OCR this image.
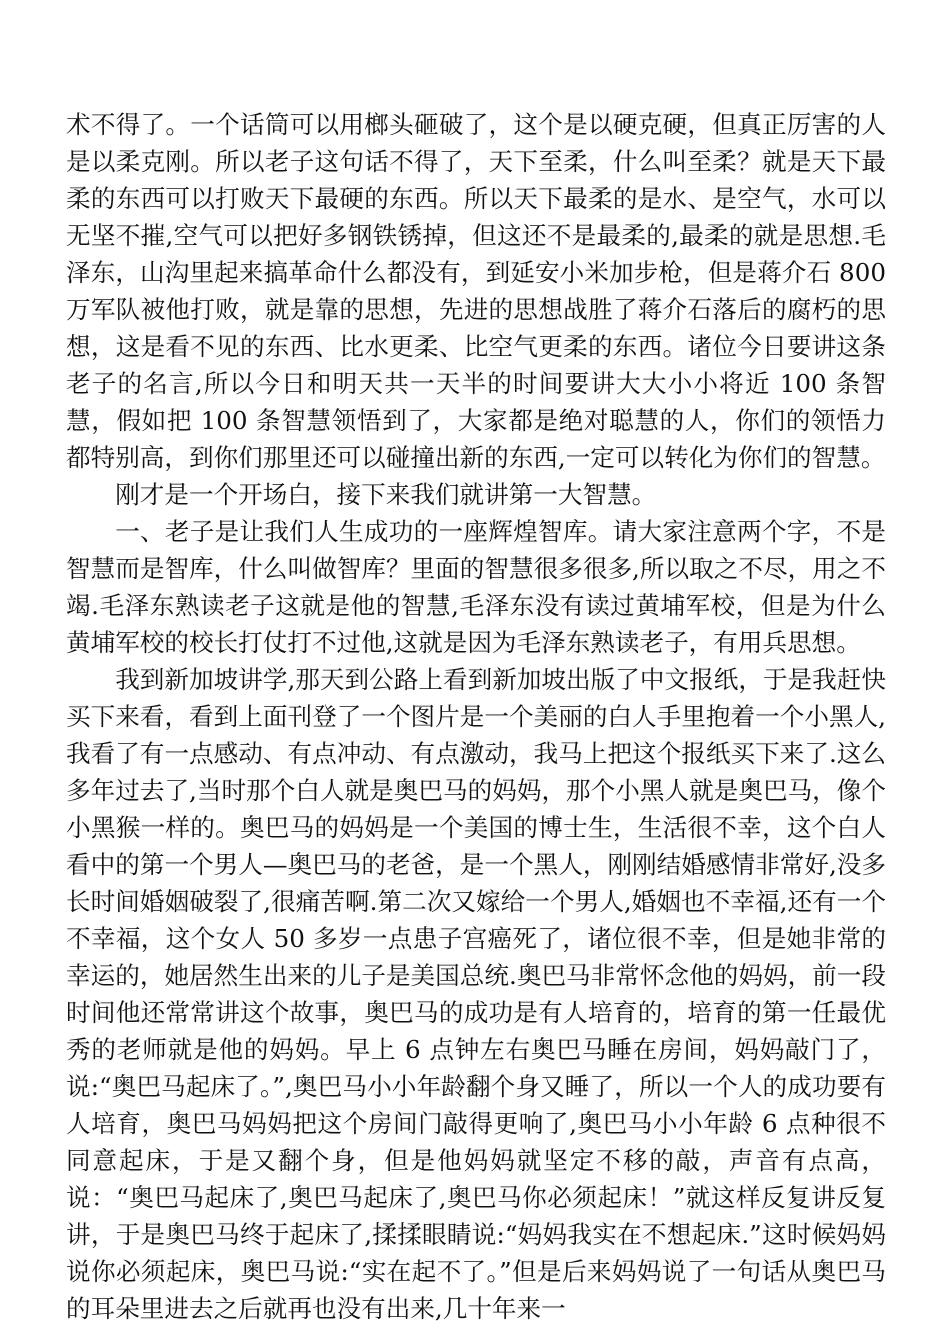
术不得了。一个话筒可以用榔头砸破了，这个是以硬克硬，但真正厉害的人是以柔克刚。所以老子这句话不得了，天下至柔，什么叫至柔？就是天下最柔的东西可以打败天下最硬的东西。所以天下最柔的是水、是空气，水可以无坚不摧,空气可以把好多钢铁锈掉，但这还不是最柔的,最柔的就是思想.毛泽东，山沟里起来搞革命什么都没有，到延安小米加步枪，但是蒋介石 800 万军队被他打败，就是靠的思想，先进的思想战胜了蒋介石落后的腐朽的思想，这是看不见的东西、比水更柔、比空气更柔的东西。诸位今日要讲这条老子的名言,所以今日和明天共一天半的时间要讲大大小小将近 100 条智慧，假如把 100 条智慧领悟到了，大家都是绝对聪慧的人，你们的领悟力都特别高，到你们那里还可以碰撞出新的东西,一定可以转化为你们的智慧。

刚才是一个开场白，接下来我们就讲第一大智慧。

一、老子是让我们人生成功的一座辉煌智库。请大家注意两个字，不是智慧而是智库，什么叫做智库？里面的智慧很多很多,所以取之不尽，用之不竭.毛泽东熟读老子这就是他的智慧,毛泽东没有读过黄埔军校，但是为什么黄埔军校的校长打仗打不过他,这就是因为毛泽东熟读老子，有用兵思想。

我到新加坡讲学,那天到公路上看到新加坡出版了中文报纸，于是我赶快买下来看，看到上面刊登了一个图片是一个美丽的白人手里抱着一个小黑人,我看了有一点感动、有点冲动、有点激动，我马上把这个报纸买下来了.这么多年过去了,当时那个白人就是奥巴马的妈妈，那个小黑人就是奥巴马，像个小黑猴一样的。奥巴马的妈妈是一个美国的博士生，生活很不幸，这个白人看中的第一个男人—奥巴马的老爸，是一个黑人，刚刚结婚感情非常好,没多长时间婚姻破裂了,很痛苦啊.第二次又嫁给一个男人,婚姻也不幸福,还有一个不幸福，这个女人 50 多岁一点患子宫癌死了，诸位很不幸，但是她非常的幸运的，她居然生出来的儿子是美国总统.奥巴马非常怀念他的妈妈，前一段时间他还常常讲这个故事，奥巴马的成功是有人培育的，培育的第一任最优秀的老师就是他的妈妈。早上 6 点钟左右奥巴马睡在房间，妈妈敲门了，说:“奥巴马起床了。”,奥巴马小小年龄翻个身又睡了，所以一个人的成功要有人培育，奥巴马妈妈把这个房间门敲得更响了,奥巴马小小年龄 6 点种很不同意起床，于是又翻个身，但是他妈妈就坚定不移的敲，声音有点高，说：“奥巴马起床了,奥巴马起床了,奥巴马你必须起床！”就这样反复讲反复讲，于是奥巴马终于起床了,揉揉眼睛说:“妈妈我实在不想起床.”这时候妈妈说你必须起床，奥巴马说:“实在起不了。”但是后来妈妈说了一句话从奥巴马的耳朵里进去之后就再也没有出来,几十年来一
